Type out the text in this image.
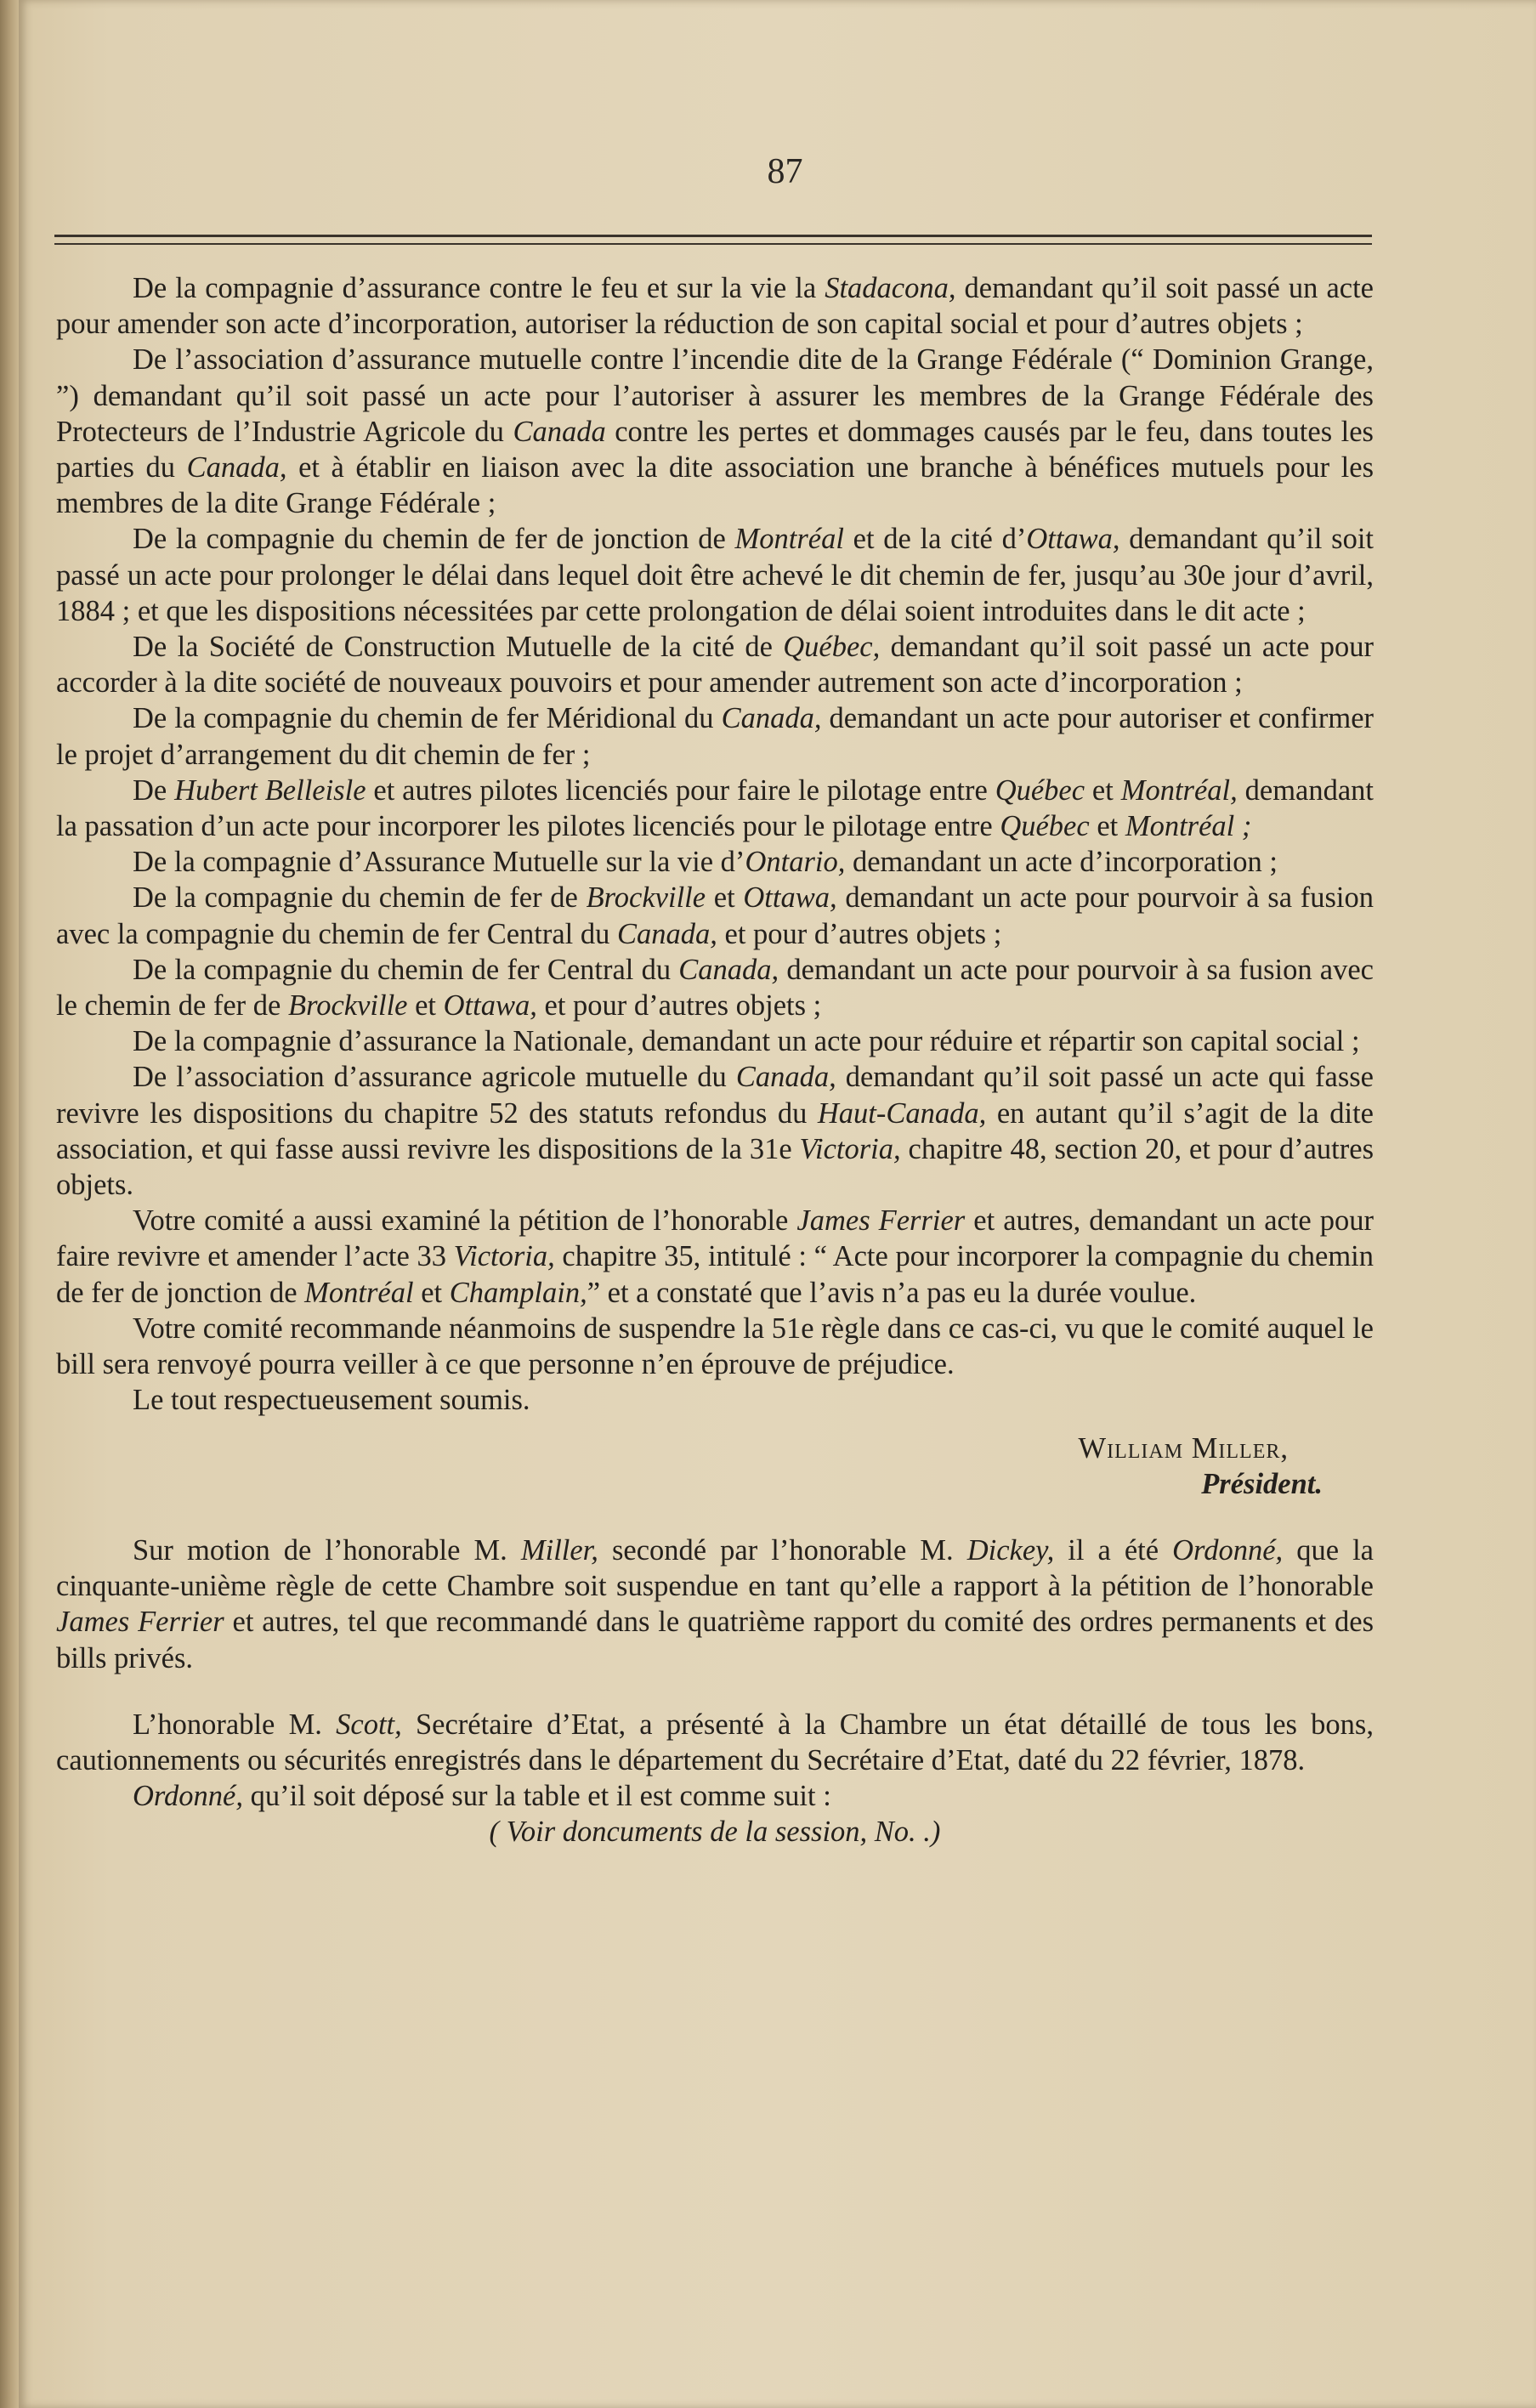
87

De la compagnie d’assurance contre le feu et sur la vie la Stadacona, demandant qu’il soit passé un acte pour amender son acte d’incorporation, autoriser la réduction de son capital social et pour d’autres objets ;

De l’association d’assurance mutuelle contre l’incendie dite de la Grange Fédérale (“ Dominion Grange, ”) demandant qu’il soit passé un acte pour l’autoriser à assurer les membres de la Grange Fédérale des Protecteurs de l’Industrie Agricole du Canada contre les pertes et dommages causés par le feu, dans toutes les parties du Canada, et à établir en liaison avec la dite association une branche à bénéfices mutuels pour les membres de la dite Grange Fédérale ;

De la compagnie du chemin de fer de jonction de Montréal et de la cité d’Ottawa, demandant qu’il soit passé un acte pour prolonger le délai dans lequel doit être achevé le dit chemin de fer, jusqu’au 30e jour d’avril, 1884 ; et que les dispositions nécessitées par cette prolongation de délai soient introduites dans le dit acte ;

De la Société de Construction Mutuelle de la cité de Québec, demandant qu’il soit passé un acte pour accorder à la dite société de nouveaux pouvoirs et pour amender autrement son acte d’incorporation ;

De la compagnie du chemin de fer Méridional du Canada, demandant un acte pour autoriser et confirmer le projet d’arrangement du dit chemin de fer ;

De Hubert Belleisle et autres pilotes licenciés pour faire le pilotage entre Québec et Montréal, demandant la passation d’un acte pour incorporer les pilotes licenciés pour le pilotage entre Québec et Montréal ;

De la compagnie d’Assurance Mutuelle sur la vie d’Ontario, demandant un acte d’incorporation ;

De la compagnie du chemin de fer de Brockville et Ottawa, demandant un acte pour pourvoir à sa fusion avec la compagnie du chemin de fer Central du Canada, et pour d’autres objets ;

De la compagnie du chemin de fer Central du Canada, demandant un acte pour pourvoir à sa fusion avec le chemin de fer de Brockville et Ottawa, et pour d’autres objets ;

De la compagnie d’assurance la Nationale, demandant un acte pour réduire et répartir son capital social ;

De l’association d’assurance agricole mutuelle du Canada, demandant qu’il soit passé un acte qui fasse revivre les dispositions du chapitre 52 des statuts refondus du Haut-Canada, en autant qu’il s’agit de la dite association, et qui fasse aussi revivre les dispositions de la 31e Victoria, chapitre 48, section 20, et pour d’autres objets.

Votre comité a aussi examiné la pétition de l’honorable James Ferrier et autres, demandant un acte pour faire revivre et amender l’acte 33 Victoria, chapitre 35, intitulé : “ Acte pour incorporer la compagnie du chemin de fer de jonction de Montréal et Champlain,” et a constaté que l’avis n’a pas eu la durée voulue.

Votre comité recommande néanmoins de suspendre la 51e règle dans ce cas-ci, vu que le comité auquel le bill sera renvoyé pourra veiller à ce que personne n’en éprouve de préjudice.

Le tout respectueusement soumis.

William Miller,
Président.

Sur motion de l’honorable M. Miller, secondé par l’honorable M. Dickey, il a été Ordonné, que la cinquante-unième règle de cette Chambre soit suspendue en tant qu’elle a rapport à la pétition de l’honorable James Ferrier et autres, tel que recommandé dans le quatrième rapport du comité des ordres permanents et des bills privés.

L’honorable M. Scott, Secrétaire d’Etat, a présenté à la Chambre un état détaillé de tous les bons, cautionnements ou sécurités enregistrés dans le département du Secrétaire d’Etat, daté du 22 février, 1878.

Ordonné, qu’il soit déposé sur la table et il est comme suit :

( Voir doncuments de la session, No. .)
